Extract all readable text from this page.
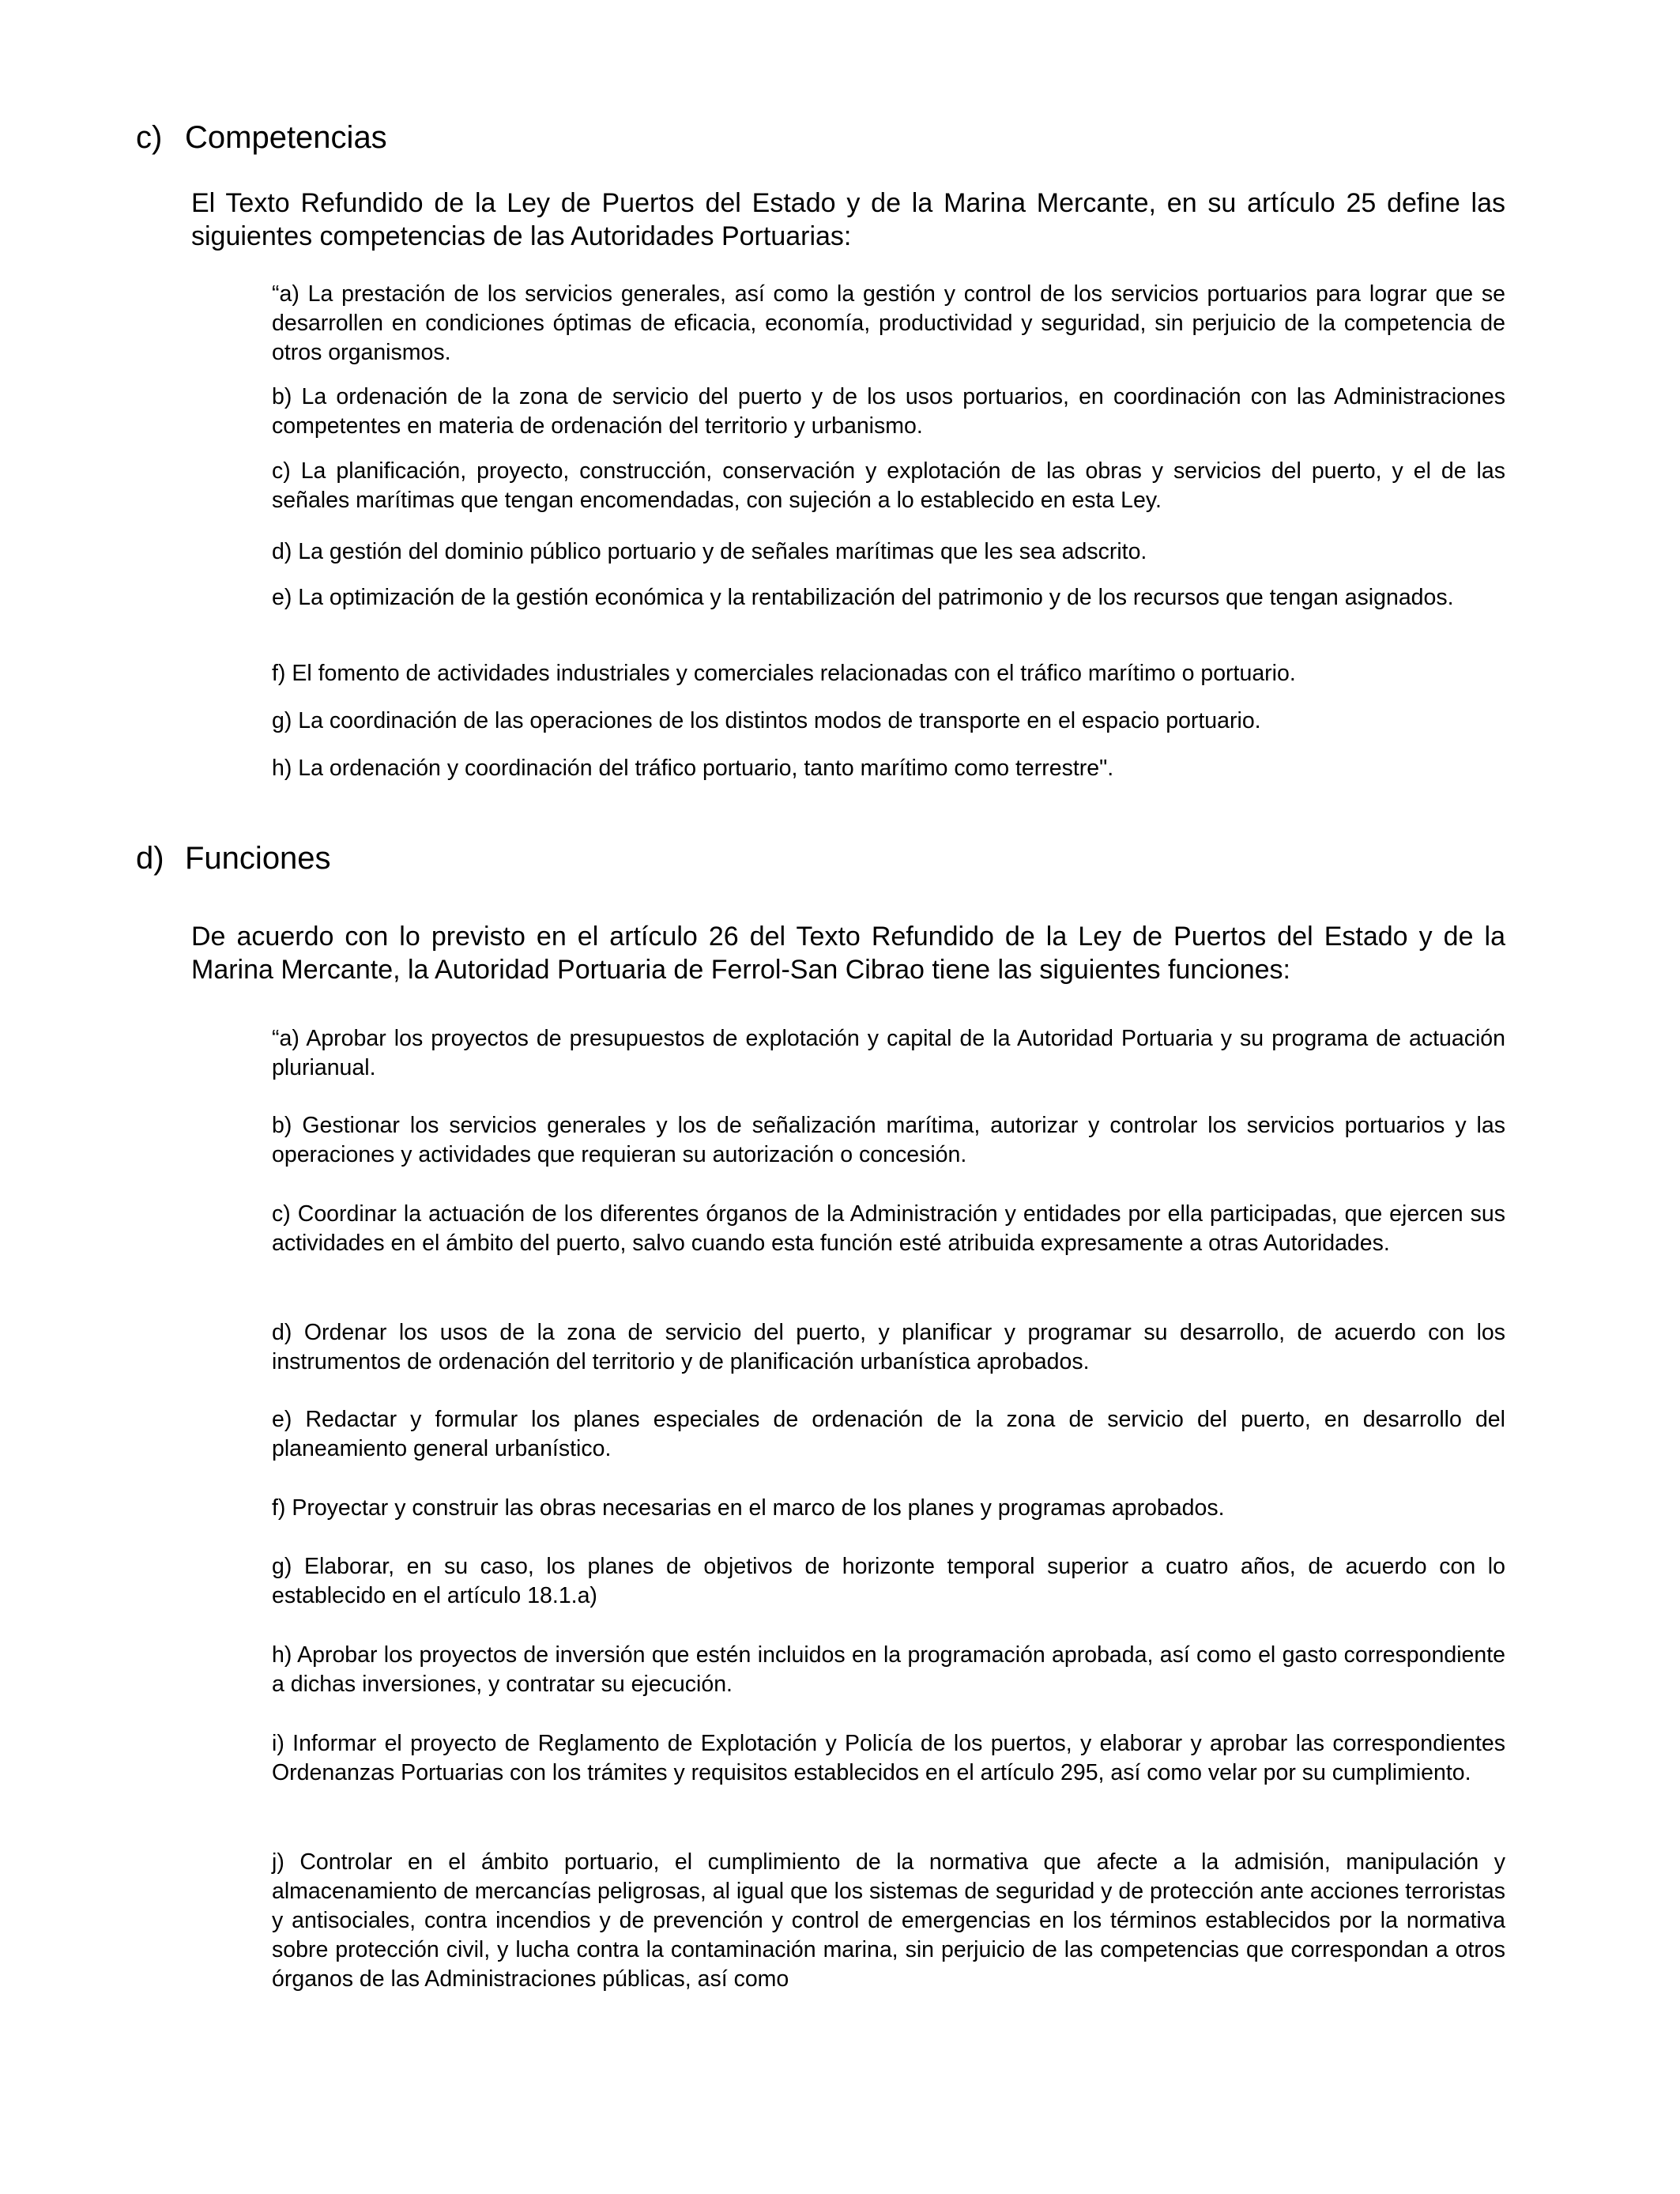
c) Competencias

El Texto Refundido de la Ley de Puertos del Estado y de la Marina Mercante, en su artículo 25 define las siguientes competencias de las Autoridades Portuarias:

“a) La prestación de los servicios generales, así como la gestión y control de los servicios portuarios para lograr que se desarrollen en condiciones óptimas de eficacia, economía, productividad y seguridad, sin perjuicio de la competencia de otros organismos.

b) La ordenación de la zona de servicio del puerto y de los usos portuarios, en coordinación con las Administraciones competentes en materia de ordenación del territorio y urbanismo.

c) La planificación, proyecto, construcción, conservación y explotación de las obras y servicios del puerto, y el de las señales marítimas que tengan encomendadas, con sujeción a lo establecido en esta Ley.

d) La gestión del dominio público portuario y de señales marítimas que les sea adscrito.

e) La optimización de la gestión económica y la rentabilización del patrimonio y de los recursos que tengan asignados.

f) El fomento de actividades industriales y comerciales relacionadas con el tráfico marítimo o portuario.

g) La coordinación de las operaciones de los distintos modos de transporte en el espacio portuario.

h) La ordenación y coordinación del tráfico portuario, tanto marítimo como terrestre".

d) Funciones

De acuerdo con lo previsto en el artículo 26 del Texto Refundido de la Ley de Puertos del Estado y de la Marina Mercante, la Autoridad Portuaria de Ferrol-San Cibrao tiene las siguientes funciones:

“a) Aprobar los proyectos de presupuestos de explotación y capital de la Autoridad Portuaria y su programa de actuación plurianual.

b) Gestionar los servicios generales y los de señalización marítima, autorizar y controlar los servicios portuarios y las operaciones y actividades que requieran su autorización o concesión.

c) Coordinar la actuación de los diferentes órganos de la Administración y entidades por ella participadas, que ejercen sus actividades en el ámbito del puerto, salvo cuando esta función esté atribuida expresamente a otras Autoridades.

d) Ordenar los usos de la zona de servicio del puerto, y planificar y programar su desarrollo, de acuerdo con los instrumentos de ordenación del territorio y de planificación urbanística aprobados.

e) Redactar y formular los planes especiales de ordenación de la zona de servicio del puerto, en desarrollo del planeamiento general urbanístico.

f) Proyectar y construir las obras necesarias en el marco de los planes y programas aprobados.

g) Elaborar, en su caso, los planes de objetivos de horizonte temporal superior a cuatro años, de acuerdo con lo establecido en el artículo 18.1.a)

h) Aprobar los proyectos de inversión que estén incluidos en la programación aprobada, así como el gasto correspondiente a dichas inversiones, y contratar su ejecución.

i) Informar el proyecto de Reglamento de Explotación y Policía de los puertos, y elaborar y aprobar las correspondientes Ordenanzas Portuarias con los trámites y requisitos establecidos en el artículo 295, así como velar por su cumplimiento.

j) Controlar en el ámbito portuario, el cumplimiento de la normativa que afecte a la admisión, manipulación y almacenamiento de mercancías peligrosas, al igual que los sistemas de seguridad y de protección ante acciones terroristas y antisociales, contra incendios y de prevención y control de emergencias en los términos establecidos por la normativa sobre protección civil, y lucha contra la contaminación marina, sin perjuicio de las competencias que correspondan a otros órganos de las Administraciones públicas, así como
